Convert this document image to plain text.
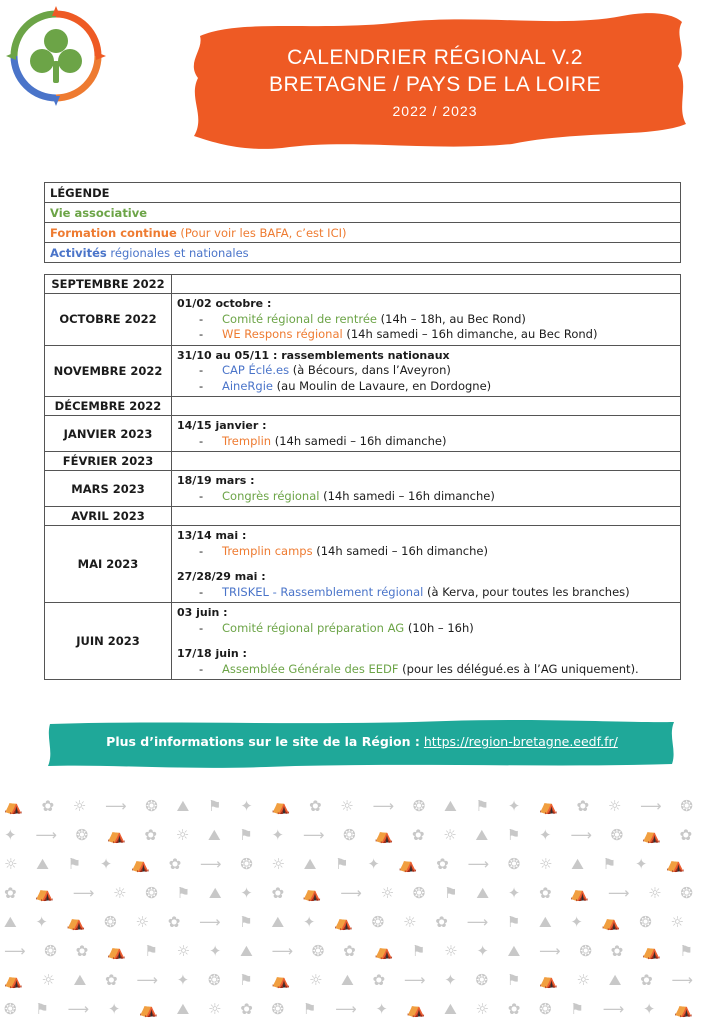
CALENDRIER RÉGIONAL V.2
BRETAGNE / PAYS DE LA LOIRE
2022 / 2023
LÉGENDE
Vie associative
Formation continue (Pour voir les BAFA, c’est ICI)
Activités régionales et nationales
SEPTEMBRE 2022	
OCTOBRE 2022	01/02 octobre :
- Comité régional de rentrée (14h – 18h, au Bec Rond)
- WE Respons régional (14h samedi – 16h dimanche, au Bec Rond)

NOVEMBRE 2022	31/10 au 05/11 : rassemblements nationaux
- CAP Éclé.es (à Bécours, dans l’Aveyron)
- AineRgie (au Moulin de Lavaure, en Dordogne)

DÉCEMBRE 2022	
JANVIER 2023	14/15 janvier :
- Tremplin (14h samedi – 16h dimanche)

FÉVRIER 2023	
MARS 2023	18/19 mars :
- Congrès régional (14h samedi – 16h dimanche)

AVRIL 2023	
MAI 2023	13/14 mai :
- Tremplin camps (14h samedi – 16h dimanche)
27/28/29 mai :
- TRISKEL - Rassemblement régional (à Kerva, pour toutes les branches)

JUIN 2023	03 juin :
- Comité régional préparation AG (10h – 16h)
17/18 juin :
- Assemblée Générale des EEDF (pour les délégué.es à l’AG uniquement).
Plus d’informations sur le site de la Région : https://region-bretagne.eedf.fr/
⛺ ✿ ☼ ⟶ ❂ ⛰ ⚑ ✦ ⛺ ✿ ☼ ⟶ ❂ ⛰ ⚑ ✦ ⛺ ✿ ☼ ⟶ ❂
✦ ⟶ ❂ ⛺ ✿ ☼ ⛰ ⚑ ✦ ⟶ ❂ ⛺ ✿ ☼ ⛰ ⚑ ✦ ⟶ ❂ ⛺ ✿
☼ ⛰ ⚑ ✦ ⛺ ✿ ⟶ ❂ ☼ ⛰ ⚑ ✦ ⛺ ✿ ⟶ ❂ ☼ ⛰ ⚑ ✦ ⛺
✿ ⛺ ⟶ ☼ ❂ ⚑ ⛰ ✦ ✿ ⛺ ⟶ ☼ ❂ ⚑ ⛰ ✦ ✿ ⛺ ⟶ ☼ ❂
⛰ ✦ ⛺ ❂ ☼ ✿ ⟶ ⚑ ⛰ ✦ ⛺ ❂ ☼ ✿ ⟶ ⚑ ⛰ ✦ ⛺ ❂ ☼
⟶ ❂ ✿ ⛺ ⚑ ☼ ✦ ⛰ ⟶ ❂ ✿ ⛺ ⚑ ☼ ✦ ⛰ ⟶ ❂ ✿ ⛺ ⚑
⛺ ☼ ⛰ ✿ ⟶ ✦ ❂ ⚑ ⛺ ☼ ⛰ ✿ ⟶ ✦ ❂ ⚑ ⛺ ☼ ⛰ ✿ ⟶
❂ ⚑ ⟶ ✦ ⛺ ⛰ ☼ ✿ ❂ ⚑ ⟶ ✦ ⛺ ⛰ ☼ ✿ ❂ ⚑ ⟶ ✦ ⛺
